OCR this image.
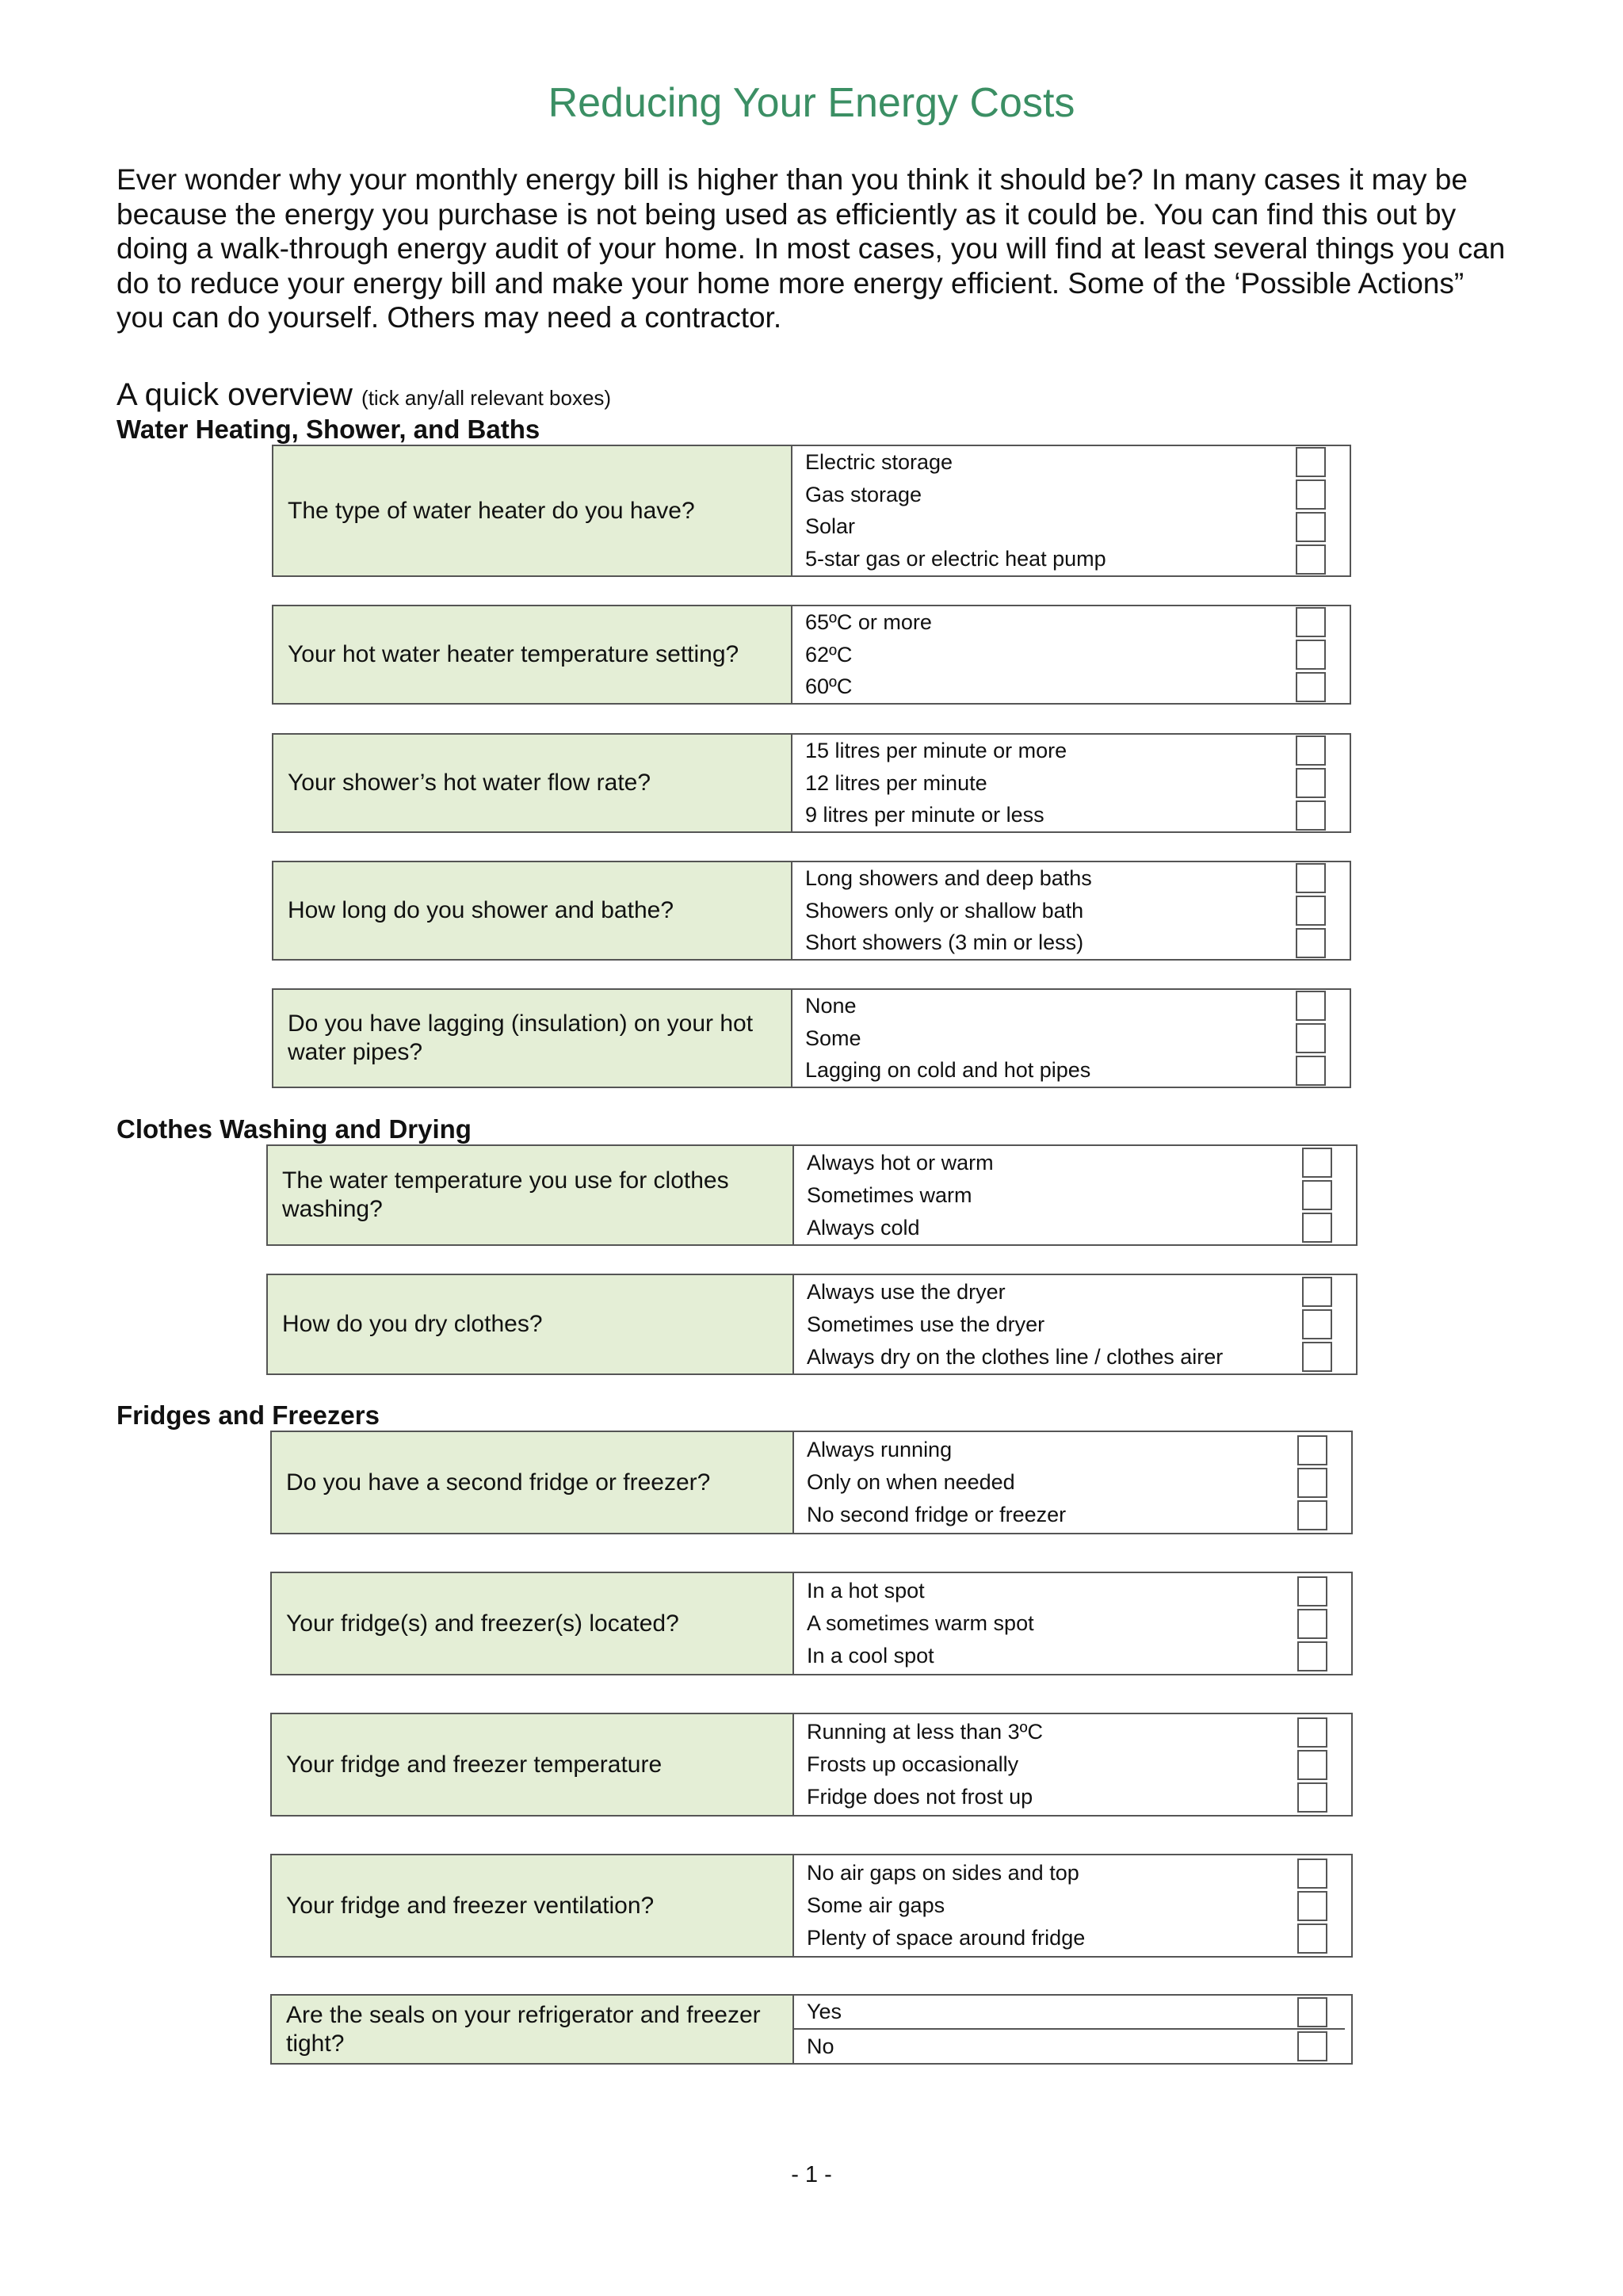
Reducing Your Energy Costs

Ever wonder why your monthly energy bill is higher than you think it should be? In many cases it may be because the energy you purchase is not being used as efficiently as it could be. You can find this out by doing a walk-through energy audit of your home. In most cases, you will find at least several things you can do to reduce your energy bill and make your home more energy efficient. Some of the ‘Possible Actions” you can do yourself. Others may need a contractor.

A quick overview (tick any/all relevant boxes)
Water Heating, Shower, and Baths
The type of water heater do you have?
Electric storage
Gas storage
Solar
5-star gas or electric heat pump
Your hot water heater temperature setting?
65ºC or more
62ºC
60ºC
Your shower’s hot water flow rate?
15 litres per minute or more
12 litres per minute
9 litres per minute or less
How long do you shower and bathe?
Long showers and deep baths
Showers only or shallow bath
Short showers (3 min or less)
Do you have lagging (insulation) on your hot water pipes?
None
Some
Lagging on cold and hot pipes
Clothes Washing and Drying
The water temperature you use for clothes washing?
Always hot or warm
Sometimes warm
Always cold
How do you dry clothes?
Always use the dryer
Sometimes use the dryer
Always dry on the clothes line / clothes airer
Fridges and Freezers
Do you have a second fridge or freezer?
Always running
Only on when needed
No second fridge or freezer
Your fridge(s) and freezer(s) located?
In a hot spot
A sometimes warm spot
In a cool spot
Your fridge and freezer temperature
Running at less than 3ºC
Frosts up occasionally
Fridge does not frost up
Your fridge and freezer ventilation?
No air gaps on sides and top
Some air gaps
Plenty of space around fridge
Are the seals on your refrigerator and freezer tight?
Yes
No
- 1 -
